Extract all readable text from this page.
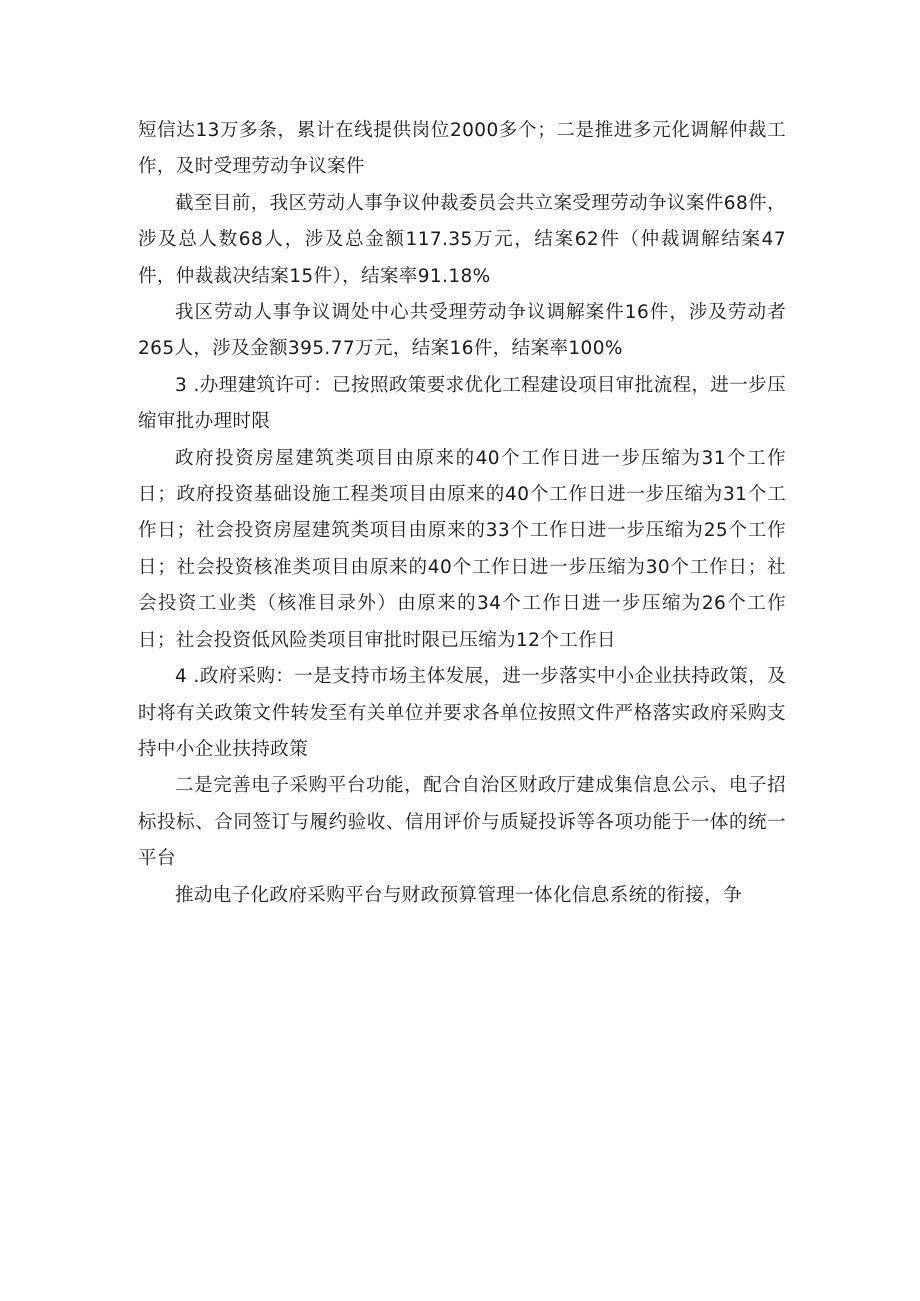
短信达13万多条，累计在线提供岗位2000多个；二是推进多元化调解仲裁工作，及时受理劳动争议案件

截至目前，我区劳动人事争议仲裁委员会共立案受理劳动争议案件68件，涉及总人数68人，涉及总金额117.35万元，结案62件（仲裁调解结案47件，仲裁裁决结案15件），结案率91.18%

我区劳动人事争议调处中心共受理劳动争议调解案件16件，涉及劳动者265人，涉及金额395.77万元，结案16件，结案率100%

3 .办理建筑许可：已按照政策要求优化工程建设项目审批流程，进一步压缩审批办理时限

政府投资房屋建筑类项目由原来的40个工作日进一步压缩为31个工作日；政府投资基础设施工程类项目由原来的40个工作日进一步压缩为31个工作日；社会投资房屋建筑类项目由原来的33个工作日进一步压缩为25个工作日；社会投资核准类项目由原来的40个工作日进一步压缩为30个工作日；社会投资工业类（核准目录外）由原来的34个工作日进一步压缩为26个工作日；社会投资低风险类项目审批时限已压缩为12个工作日

4 .政府采购：一是支持市场主体发展，进一步落实中小企业扶持政策，及时将有关政策文件转发至有关单位并要求各单位按照文件严格落实政府采购支持中小企业扶持政策

二是完善电子采购平台功能，配合自治区财政厅建成集信息公示、电子招标投标、合同签订与履约验收、信用评价与质疑投诉等各项功能于一体的统一平台

推动电子化政府采购平台与财政预算管理一体化信息系统的衔接，争
